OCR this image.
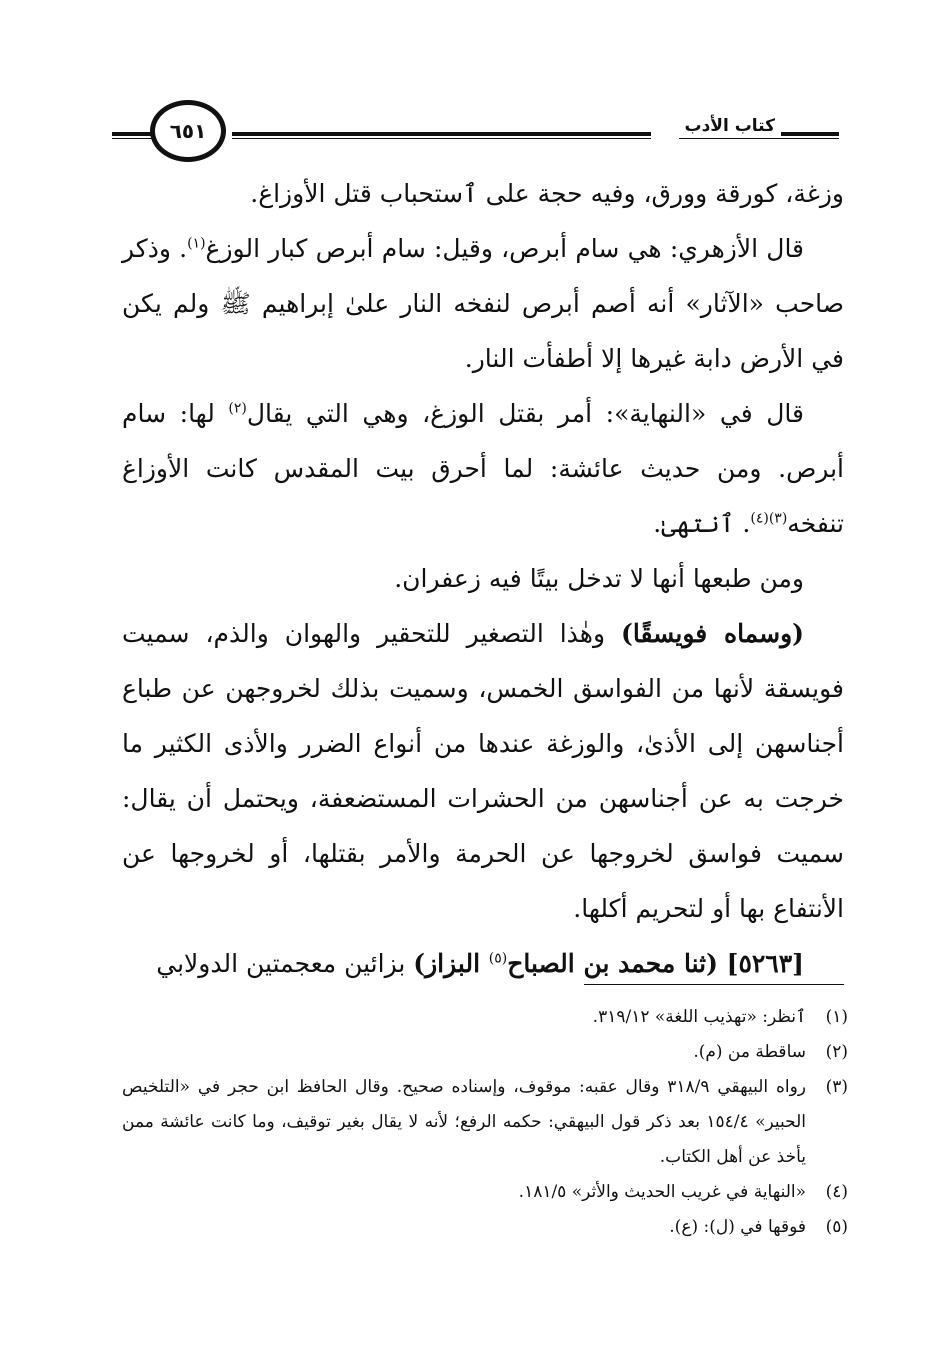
كتاب الأدب
٦٥١

وزغة، كورقة وورق، وفيه حجة على ٱستحباب قتل الأوزاغ.

قال الأزهري: هي سام أبرص، وقيل: سام أبرص كبار الوزغ$^{(١)}$. وذكر صاحب «الآثار» أنه أصم أبرص لنفخه النار علىٰ إبراهيم ﷺ ولم يكن في الأرض دابة غيرها إلا أطفأت النار.

قال في «النهاية»: أمر بقتل الوزغ، وهي التي يقال$^{(٢)}$ لها: سام أبرص. ومن حديث عائشة: لما أحرق بيت المقدس كانت الأوزاغ تنفخه$^{(٣)(٤)}$. ٱنتهىٰ.

ومن طبعها أنها لا تدخل بيتًا فيه زعفران.

(وسماه فويسقًا) وهٰذا التصغير للتحقير والهوان والذم، سميت فويسقة لأنها من الفواسق الخمس، وسميت بذلك لخروجهن عن طباع أجناسهن إلى الأذىٰ، والوزغة عندها من أنواع الضرر والأذى الكثير ما خرجت به عن أجناسهن من الحشرات المستضعفة، ويحتمل أن يقال: سميت فواسق لخروجها عن الحرمة والأمر بقتلها، أو لخروجها عن الأنتفاع بها أو لتحريم أكلها.

[٥٢٦٣] (ثنا محمد بن الصباح$^{(٥)}$ البزاز) بزائين معجمتين الدولابي

(١)
ٱنظر: «تهذيب اللغة» ٣١٩/١٢.
(٢)
ساقطة من (م).
(٣)
رواه البيهقي ٣١٨/٩ وقال عقبه: موقوف، وإسناده صحيح. وقال الحافظ ابن حجر في «التلخيص الحبير» ١٥٤/٤ بعد ذكر قول البيهقي: حكمه الرفع؛ لأنه لا يقال بغير توقيف، وما كانت عائشة ممن يأخذ عن أهل الكتاب.
(٤)
«النهاية في غريب الحديث والأثر» ١٨١/٥.
(٥)
فوقها في (ل): (ع).
